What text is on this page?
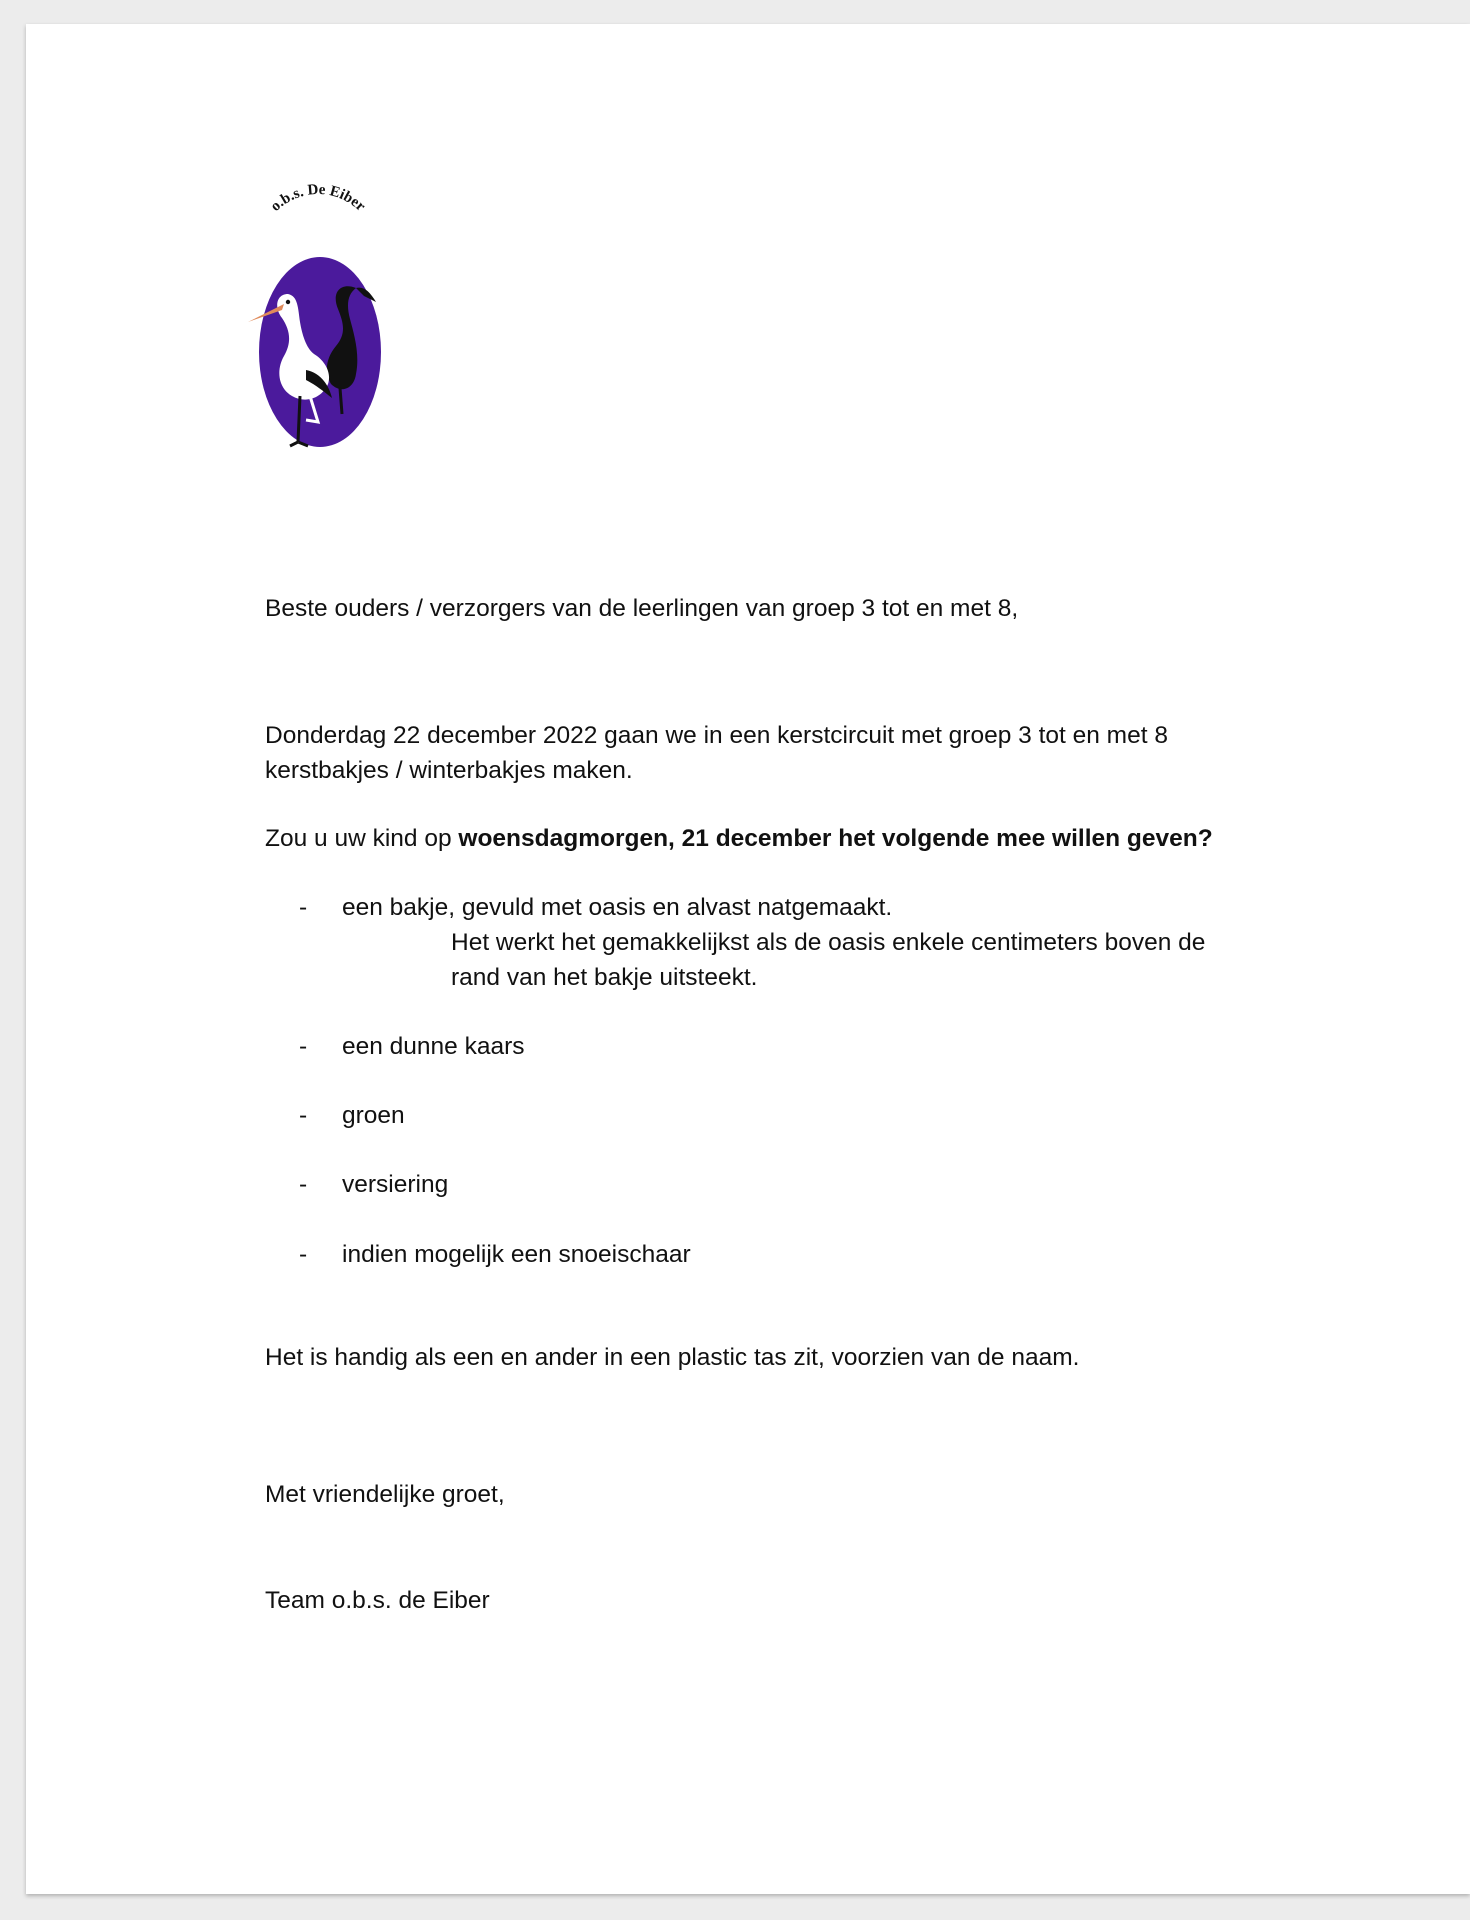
o.b.s. De Eiber

Beste ouders / verzorgers van de leerlingen van groep 3 tot en met 8,

Donderdag 22 december 2022 gaan we in een kerstcircuit met groep 3 tot en met 8

kerstbakjes / winterbakjes maken.

Zou u uw kind op woensdagmorgen, 21 december het volgende mee willen geven?

- een bakje, gevuld met oasis en alvast natgemaakt.
Het werkt het gemakkelijkst als de oasis enkele centimeters boven de
rand van het bakje uitsteekt.
- een dunne kaars
- groen
- versiering
- indien mogelijk een snoeischaar

Het is handig als een en ander in een plastic tas zit, voorzien van de naam.

Met vriendelijke groet,

Team o.b.s. de Eiber
